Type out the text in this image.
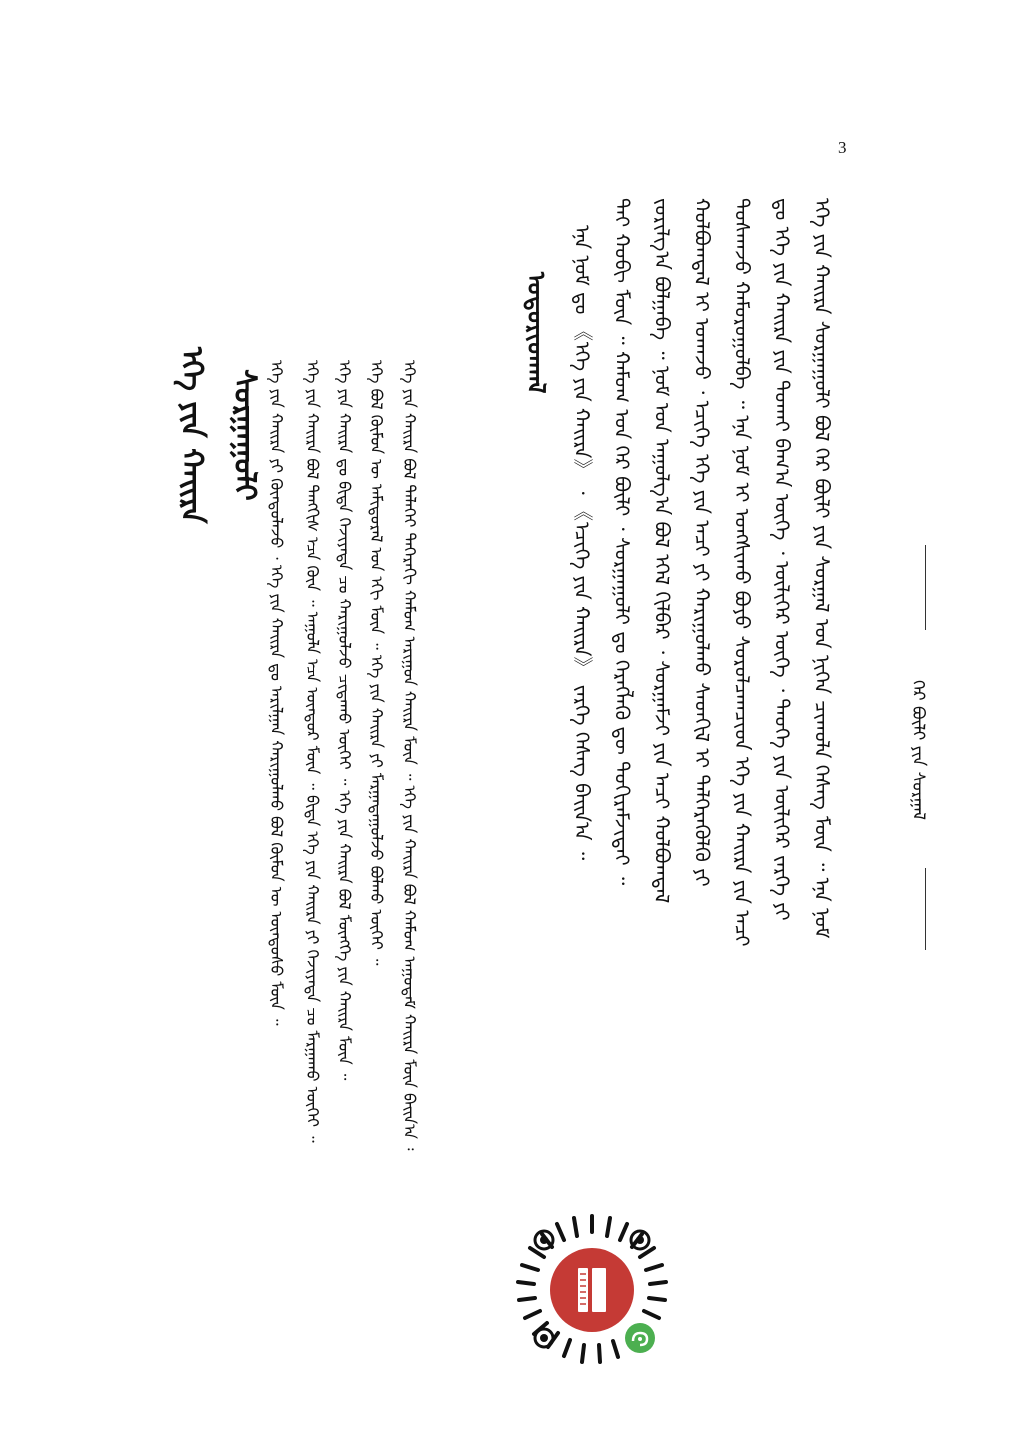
3
ᠭᠡᠷ ᠪᠦᠯᠢ ᠶᠢᠨ ᠰᠤᠷᠭᠠᠯ
ᠡᠬᠡ ᠶᠢᠨ ᠬᠠᠢᠷᠠ ᠰᠤᠷᠭᠠᠭᠤᠯᠢ ᠪᠤᠯ ᠭᠡᠷ ᠪᠦᠯᠢ ᠶᠢᠨ ᠰᠤᠷᠭᠠᠯ ᠤᠨ ᠨᠢᠭᠡᠨ ᠴᠢᠬᠤᠯᠠ ᠬᠡᠰᠡᠭ ᠮᠥᠨ ᠃ ᠡᠨᠡ ᠨᠣᠮ
ᠳᠤ ᠡᠬᠡ ᠶᠢᠨ ᠬᠠᠢᠷᠠ ᠶᠢᠨ ᠲᠤᠬᠠᠢ ᠪᠠᠭ᠎ᠠ ᠦᠭᠡ ᠂ ᠦᠯᠢᠭᠡᠷ ᠦᠭᠡ ᠂ ᠲᠡᠦᠬᠡ ᠶᠢᠨ ᠦᠯᠢᠭᠡᠷ ᠵᠡᠷᠭᠡ ᠶᠢ
ᠲᠤᠰᠬᠠᠵᠤ ᠬᠠᠮᠤᠷᠤᠭᠤᠯᠪᠠ ᠃ ᠡᠨᠡ ᠨᠣᠮ ᠢ ᠤᠩᠰᠢᠬᠤ ᠪᠤᠶᠤ ᠰᠤᠷᠤᠯᠴᠠᠭᠴᠢᠳ ᠡᠬᠡ ᠶᠢᠨ ᠬᠠᠢᠷᠠ ᠶᠢᠨ ᠠᠴᠢ
ᠬᠤᠯᠪᠤᠭᠳᠠᠯ ᠢ ᠤᠬᠠᠵᠤ ᠂ ᠡᠴᠢᠭᠡ ᠡᠬᠡ ᠶᠢᠨ ᠠᠴᠢ ᠶᠢ ᠬᠠᠷᠢᠭᠤᠯᠬᠤ ᠰᠡᠳᠬᠢᠯ ᠢ ᠲᠡᠯᠭᠡᠷᠡᠭᠦᠯᠬᠦ ᠶᠢ
ᠵᠣᠷᠢᠯᠭ᠎ᠠ ᠪᠣᠯᠭᠠᠪᠠ ᠃ ᠨᠣᠮ ᠤᠨ ᠠᠭᠤᠯᠭ᠎ᠠ ᠪᠤᠯ ᠡᠭᠡᠯ ᠬᠢᠯᠪᠠᠷ ᠂ ᠰᠤᠷᠭᠠᠮᠵᠢ ᠶᠢᠨ ᠠᠴᠢ ᠬᠤᠯᠪᠤᠭᠳᠠᠯ
ᠲᠠᠢ ᠬᠤᠪᠢ ᠮᠥᠨ ᠃ ᠬᠠᠮᠤᠭ ᠤᠨ ᠭᠡᠷ ᠪᠦᠯᠢ ᠂ ᠰᠤᠷᠭᠠᠭᠤᠯᠢ ᠳᠤ ᠬᠡᠷᠡᠭᠯᠡᠬᠦ ᠳᠦ ᠲᠣᠬᠢᠷᠠᠮᠵᠢᠲᠠᠢ ᠃
ᠡᠨᠡ ᠨᠣᠮ ᠳᠤ 《ᠡᠬᠡ ᠶᠢᠨ ᠬᠠᠢᠷᠠ》 ᠂ 《ᠡᠴᠢᠭᠡ ᠶᠢᠨ ᠬᠠᠢᠷᠠ》 ᠵᠡᠷᠭᠡ ᠬᠡᠰᠡᠭ ᠪᠠᠢᠨ᠎ᠠ ᠃
ᠤᠳᠤᠷᠢᠳᠬᠠᠯ
ᠡᠬᠡ ᠶᠢᠨ ᠬᠠᠢᠷᠠ ᠪᠤᠯ ᠳᠡᠯᠡᠬᠡᠢ ᠳᠡᠭᠡᠷᠡᠬᠢ ᠬᠠᠮᠤᠭ ᠠᠷᠢᠭᠤᠨ ᠬᠠᠢᠷᠠ ᠮᠥᠨ ᠃ ᠡᠬᠡ ᠶᠢᠨ ᠬᠠᠢᠷᠠ ᠪᠤᠯ ᠬᠠᠮᠤᠭ ᠠᠭᠤᠳᠠᠮ ᠬᠠᠢᠷᠠ ᠮᠥᠨ ᠪᠠᠢᠨ᠎ᠠ ᠄
ᠡᠬᠡ ᠪᠤᠯ ᠬᠦᠮᠦᠨ ᠦ ᠠᠮᠢᠳᠤᠷᠠᠯ ᠤᠨ ᠡᠬᠢ ᠮᠥᠨ ᠃ ᠡᠬᠡ ᠶᠢᠨ ᠬᠠᠢᠷᠠ ᠶᠢ ᠮᠠᠷᠭᠠᠳᠠᠭᠤᠯᠵᠤ ᠪᠣᠯᠬᠤ ᠦᠭᠡᠢ ᠃
ᠡᠬᠡ ᠶᠢᠨ ᠬᠠᠢᠷᠠ ᠳᠤ ᠪᠢᠳᠡ ᠬᠡᠵᠢᠶᠡᠳᠡ ᠴᠤ ᠬᠠᠷᠢᠭᠤᠯᠵᠤ ᠴᠢᠳᠠᠬᠤ ᠦᠭᠡᠢ ᠃ ᠡᠬᠡ ᠶᠢᠨ ᠬᠠᠢᠷᠠ ᠪᠤᠯ ᠮᠥᠩᠬᠡ ᠶᠢᠨ ᠬᠠᠢᠷᠠ ᠮᠥᠨ ᠃
ᠡᠬᠡ ᠶᠢᠨ ᠬᠠᠢᠷᠠ ᠪᠤᠯ ᠲᠡᠩᠭᠢᠰ ᠡᠴᠡ ᠭᠦᠨ ᠃ ᠠᠭᠤᠯᠠ ᠡᠴᠡ ᠥᠨᠳᠦᠷ ᠮᠥᠨ ᠃ ᠪᠢᠳᠡ ᠡᠬᠡ ᠶᠢᠨ ᠬᠠᠢᠷᠠ ᠶᠢ ᠬᠡᠵᠢᠶᠡᠳᠡ ᠴᠤ ᠮᠠᠷᠭᠠᠬᠤ ᠦᠭᠡᠢ ᠃
ᠡᠬᠡ ᠶᠢᠨ ᠬᠠᠢᠷᠠ ᠶᠢ ᠬᠦᠨᠳᠦᠯᠡᠵᠦ ᠂ ᠡᠬᠡ ᠶᠢᠨ ᠬᠠᠢᠷᠠ ᠳᠤ ᠠᠷᠢᠯᠭᠠᠨ ᠬᠠᠷᠢᠭᠤᠯᠬᠤ ᠪᠤᠯ ᠬᠦᠮᠦᠨ ᠦ ᠦᠨᠳᠦᠰᠦ ᠮᠥᠨ ᠃
ᠡᠬᠡ ᠶᠢᠨ ᠬᠠᠢᠷᠠ ᠰᠤᠷᠭᠠᠭᠤᠯᠢ
